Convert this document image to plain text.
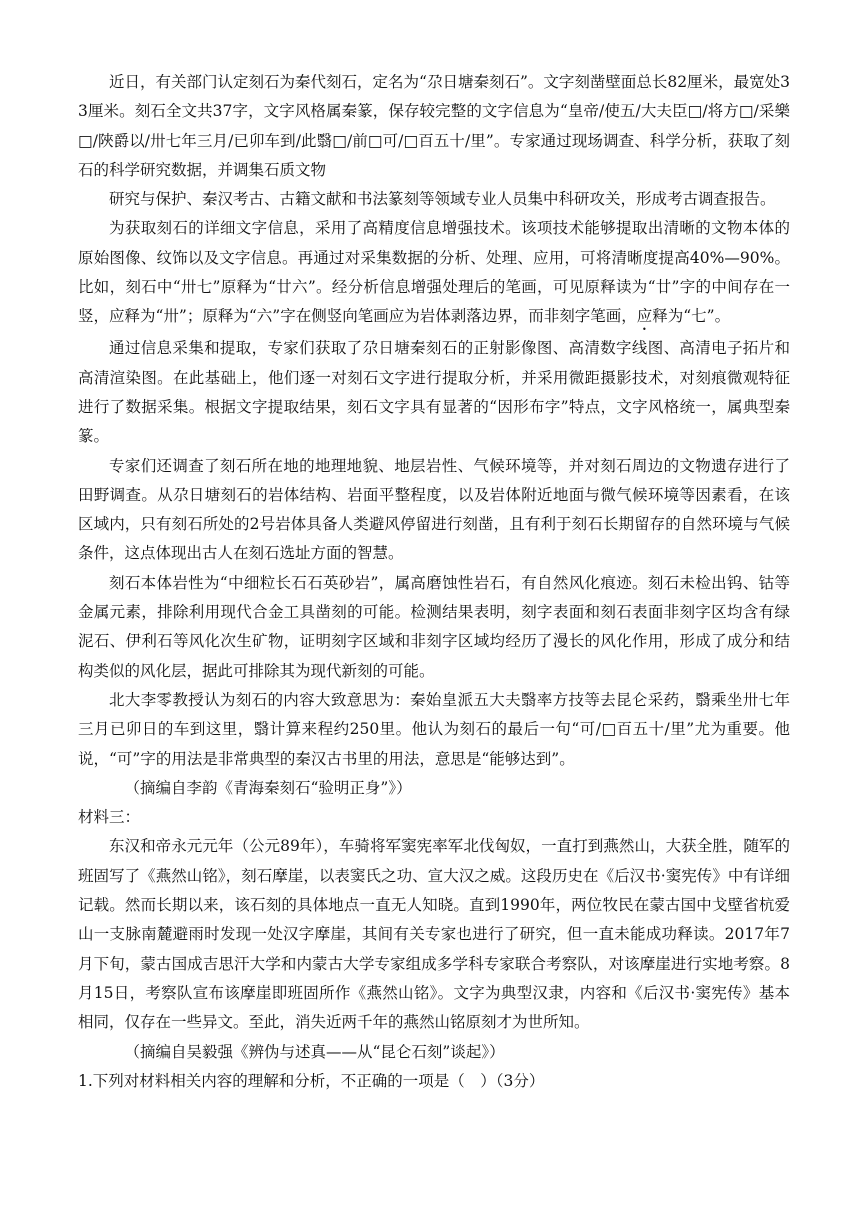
近日，有关部门认定刻石为秦代刻石，定名为“尕日塘秦刻石”。文字刻凿壁面总长82厘米，最宽处33厘米。刻石全文共37字，文字风格属秦篆，保存较完整的文字信息为“皇帝/使五/大夫臣□/将方□/采樂□/陜爵以/卅七年三月/已卯车到/此翳□/前□可/□百五十/里”。专家通过现场调查、科学分析，获取了刻石的科学研究数据，并调集石质文物

研究与保护、秦汉考古、古籍文献和书法篆刻等领域专业人员集中科研攻关，形成考古调查报告。

为获取刻石的详细文字信息，采用了高精度信息增强技术。该项技术能够提取出清晰的文物本体的原始图像、纹饰以及文字信息。再通过对采集数据的分析、处理、应用，可将清晰度提高40%—90%。比如，刻石中“卅七”原释为“廿六”。经分析信息增强处理后的笔画，可见原释读为“廿”字的中间存在一竖，应释为“卅”；原释为“六”字在侧竖向笔画应为岩体剥落边界，而非刻字笔画，应释为“七”。

通过信息采集和提取，专家们获取了尕日塘秦刻石的正射影像图、高清数字线图、高清电子拓片和高清渲染图。在此基础上，他们逐一对刻石文字进行提取分析，并采用微距摄影技术，对刻痕微观特征进行了数据采集。根据文字提取结果，刻石文字具有显著的“因形布字”特点，文字风格统一，属典型秦篆。

专家们还调查了刻石所在地的地理地貌、地层岩性、气候环境等，并对刻石周边的文物遗存进行了田野调查。从尕日塘刻石的岩体结构、岩面平整程度，以及岩体附近地面与微气候环境等因素看，在该区域内，只有刻石所处的2号岩体具备人类避风停留进行刻凿，且有利于刻石长期留存的自然环境与气候条件，这点体现出古人在刻石选址方面的智慧。

刻石本体岩性为“中细粒长石石英砂岩”，属高磨蚀性岩石，有自然风化痕迹。刻石未检出钨、钴等金属元素，排除利用现代合金工具凿刻的可能。检测结果表明，刻字表面和刻石表面非刻字区均含有绿泥石、伊利石等风化次生矿物，证明刻字区域和非刻字区域均经历了漫长的风化作用，形成了成分和结构类似的风化层，据此可排除其为现代新刻的可能。

北大李零教授认为刻石的内容大致意思为：秦始皇派五大夫翳率方技等去昆仑采药，翳乘坐卅七年三月已卯日的车到这里，翳计算来程约250里。他认为刻石的最后一句“可/□百五十/里”尤为重要。他说，“可”字的用法是非常典型的秦汉古书里的用法，意思是“能够达到”。

（摘编自李韵《青海秦刻石“验明正身”》）

材料三：

东汉和帝永元元年（公元89年），车骑将军窦宪率军北伐匈奴，一直打到燕然山，大获全胜，随军的班固写了《燕然山铭》，刻石摩崖，以表窦氏之功、宣大汉之威。这段历史在《后汉书·窦宪传》中有详细记载。然而长期以来，该石刻的具体地点一直无人知晓。直到1990年，两位牧民在蒙古国中戈壁省杭爱山一支脉南麓避雨时发现一处汉字摩崖，其间有关专家也进行了研究，但一直未能成功释读。2017年7月下旬，蒙古国成吉思汗大学和内蒙古大学专家组成多学科专家联合考察队，对该摩崖进行实地考察。8月15日，考察队宣布该摩崖即班固所作《燕然山铭》。文字为典型汉隶，内容和《后汉书·窦宪传》基本相同，仅存在一些异文。至此，消失近两千年的燕然山铭原刻才为世所知。

（摘编自吴毅强《辨伪与述真——从“昆仑石刻”谈起》）

1.下列对材料相关内容的理解和分析，不正确的一项是（　）（3分）
